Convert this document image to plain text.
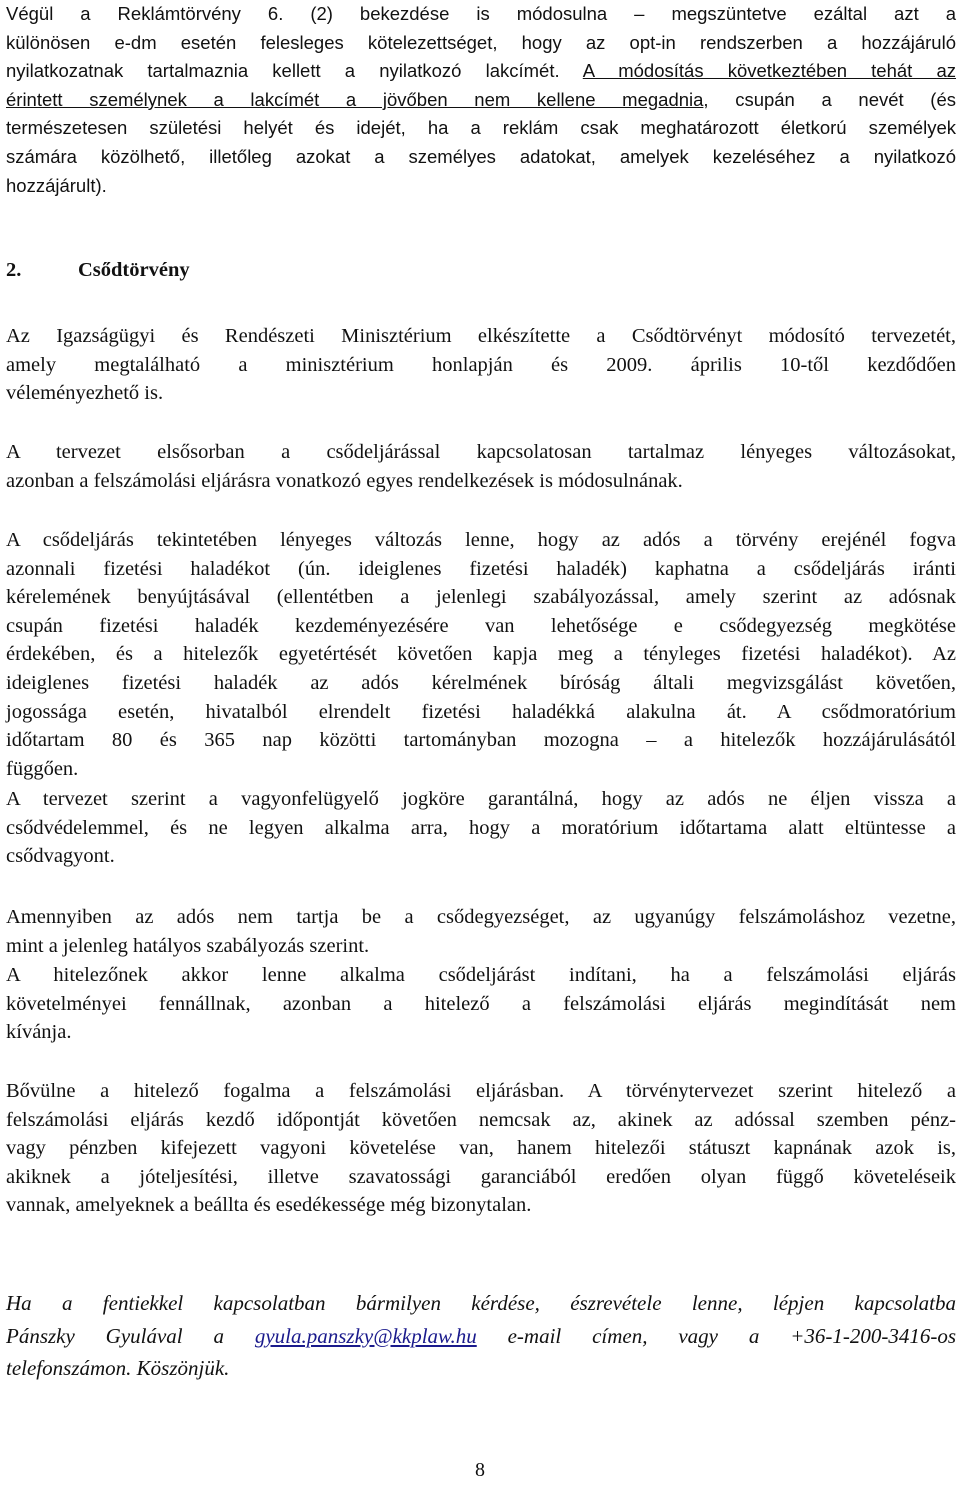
Végül a Reklámtörvény 6. (2) bekezdése is módosulna – megszüntetve ezáltal azt a
különösen e-dm esetén felesleges kötelezettséget, hogy az opt-in rendszerben a hozzájáruló
nyilatkozatnak tartalmaznia kellett a nyilatkozó lakcímét. A módosítás következtében tehát az
érintett személynek a lakcímét a jövőben nem kellene megadnia, csupán a nevét (és
természetesen születési helyét és idejét, ha a reklám csak meghatározott életkorú személyek
számára közölhető, illetőleg azokat a személyes adatokat, amelyek kezeléséhez a nyilatkozó
hozzájárult).
2.	Csődtörvény
Az Igazságügyi és Rendészeti Minisztérium elkészítette a Csődtörvényt módosító tervezetét,
amely megtalálható a minisztérium honlapján és 2009. április 10-től kezdődően
véleményezhető is.
A tervezet elsősorban a csődeljárással kapcsolatosan tartalmaz lényeges változásokat,
azonban a felszámolási eljárásra vonatkozó egyes rendelkezések is módosulnának.
A csődeljárás tekintetében lényeges változás lenne, hogy az adós a törvény erejénél fogva
azonnali fizetési haladékot (ún. ideiglenes fizetési haladék) kaphatna a csődeljárás iránti
kérelemének benyújtásával (ellentétben a jelenlegi szabályozással, amely szerint az adósnak
csupán fizetési haladék kezdeményezésére van lehetősége e csődegyezség megkötése
érdekében, és a hitelezők egyetértését követően kapja meg a tényleges fizetési haladékot). Az
ideiglenes fizetési haladék az adós kérelmének bíróság általi megvizsgálást követően,
jogossága esetén, hivatalból elrendelt fizetési haladékká alakulna át. A csődmoratórium
időtartam 80 és 365 nap közötti tartományban mozogna – a hitelezők hozzájárulásától
függően.
A tervezet szerint a vagyonfelügyelő jogköre garantálná, hogy az adós ne éljen vissza a
csődvédelemmel, és ne legyen alkalma arra, hogy a moratórium időtartama alatt eltüntesse a
csődvagyont.
Amennyiben az adós nem tartja be a csődegyezséget, az ugyanúgy felszámoláshoz vezetne,
mint a jelenleg hatályos szabályozás szerint.
A hitelezőnek akkor lenne alkalma csődeljárást indítani, ha a felszámolási eljárás
követelményei fennállnak, azonban a hitelező a felszámolási eljárás megindítását nem
kívánja.
Bővülne a hitelező fogalma a felszámolási eljárásban. A törvénytervezet szerint hitelező a
felszámolási eljárás kezdő időpontját követően nemcsak az, akinek az adóssal szemben pénz-
vagy pénzben kifejezett vagyoni követelése van, hanem hitelezői státuszt kapnának azok is,
akiknek a jóteljesítési, illetve szavatossági garanciából eredően olyan függő követeléseik
vannak, amelyeknek a beállta és esedékessége még bizonytalan.
Ha a fentiekkel kapcsolatban bármilyen kérdése, észrevétele lenne, lépjen kapcsolatba
Pánszky Gyulával a gyula.panszky@kkplaw.hu e-mail címen, vagy a +36-1-200-3416-os
telefonszámon. Köszönjük.
8
